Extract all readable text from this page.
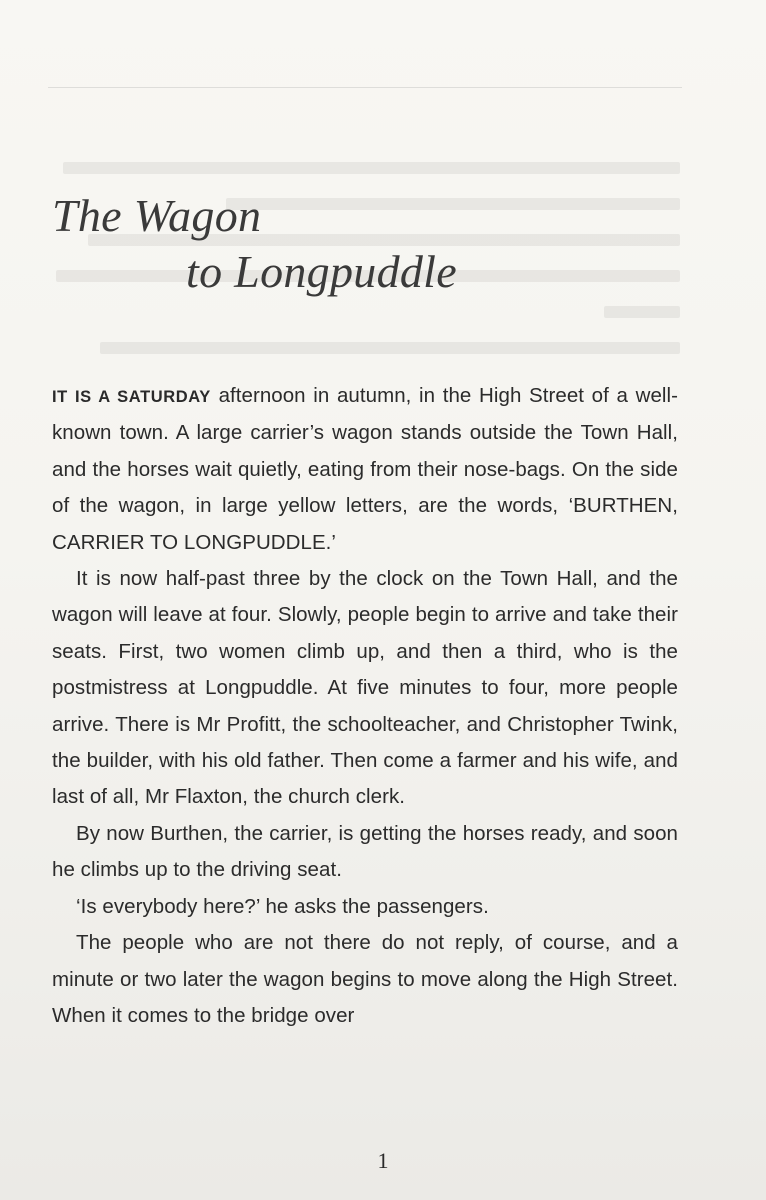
The Wagon
to Longpuddle

IT IS A SATURDAY afternoon in autumn, in the High Street of a well-known town. A large carrier’s wagon stands outside the Town Hall, and the horses wait quietly, eating from their nose-bags. On the side of the wagon, in large yellow letters, are the words, ‘BURTHEN, CARRIER TO LONGPUDDLE.’

It is now half-past three by the clock on the Town Hall, and the wagon will leave at four. Slowly, people begin to arrive and take their seats. First, two women climb up, and then a third, who is the postmistress at Longpuddle. At five minutes to four, more people arrive. There is Mr Profitt, the schoolteacher, and Christopher Twink, the builder, with his old father. Then come a farmer and his wife, and last of all, Mr Flaxton, the church clerk.

By now Burthen, the carrier, is getting the horses ready, and soon he climbs up to the driving seat.

‘Is everybody here?’ he asks the passengers.

The people who are not there do not reply, of course, and a minute or two later the wagon begins to move along the High Street. When it comes to the bridge over

1
